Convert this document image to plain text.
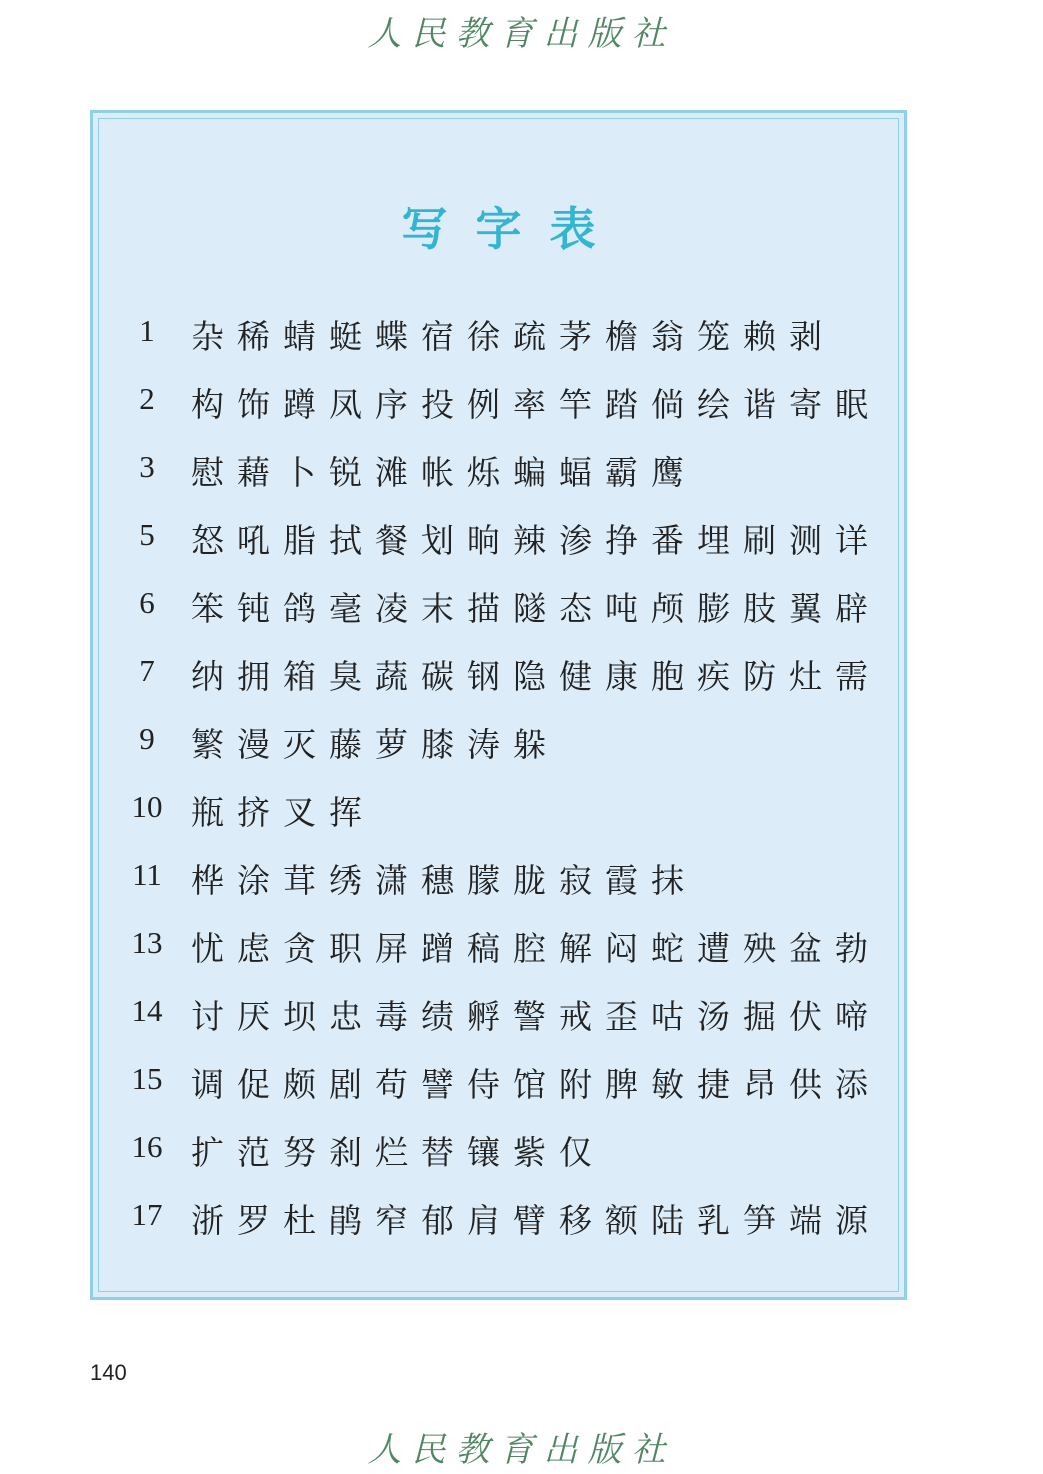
人民教育出版社
写字表
1	杂稀蜻蜓蝶宿徐疏茅檐翁笼赖剥
2	构饰蹲凤序投例率竿踏倘绘谐寄眠
3	慰藉卜锐滩帐烁蝙蝠霸鹰
5	怒吼脂拭餐划晌辣渗挣番埋刷测详
6	笨钝鸽毫凌末描隧态吨颅膨肢翼辟
7	纳拥箱臭蔬碳钢隐健康胞疾防灶需
9	繁漫灭藤萝膝涛躲
10 瓶挤叉挥
11 桦涂茸绣潇穗朦胧寂霞抹
13 忧虑贪职屏蹭稿腔解闷蛇遭殃盆勃
14 讨厌坝忠毒绩孵警戒歪咕汤掘伏啼
15 调促颇剧苟譬侍馆附脾敏捷昂供添
16 扩范努刹烂替镶紫仅
17 浙罗杜鹃窄郁肩臂移额陆乳笋端源
140
人民教育出版社
